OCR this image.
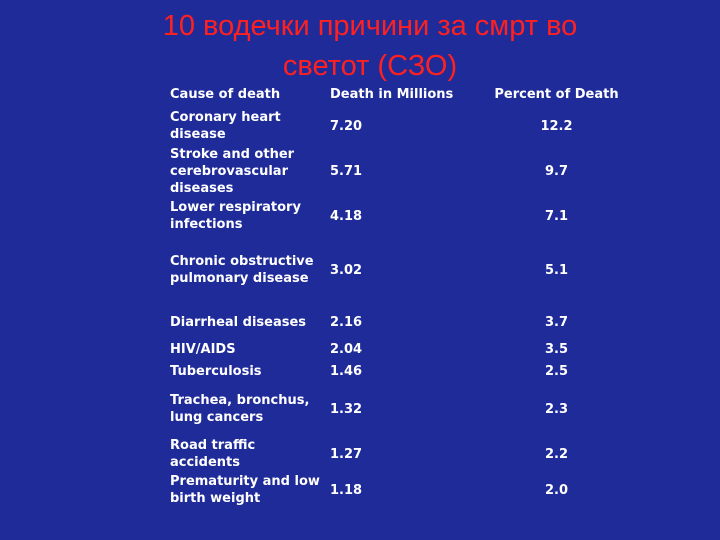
10 водечки причини за смрт во
светот (СЗО)
Cause of death	Death in Millions	Percent of Death
Coronary heart disease	7.20	12.2
Stroke and other cerebrovascular diseases	5.71	9.7
Lower respiratory infections	4.18	7.1
Chronic obstructive pulmonary disease	3.02	5.1
Diarrheal diseases	2.16	3.7
HIV/AIDS	2.04	3.5
Tuberculosis	1.46	2.5
Trachea, bronchus, lung cancers	1.32	2.3
Road traffic accidents	1.27	2.2
Prematurity and low birth weight	1.18	2.0
